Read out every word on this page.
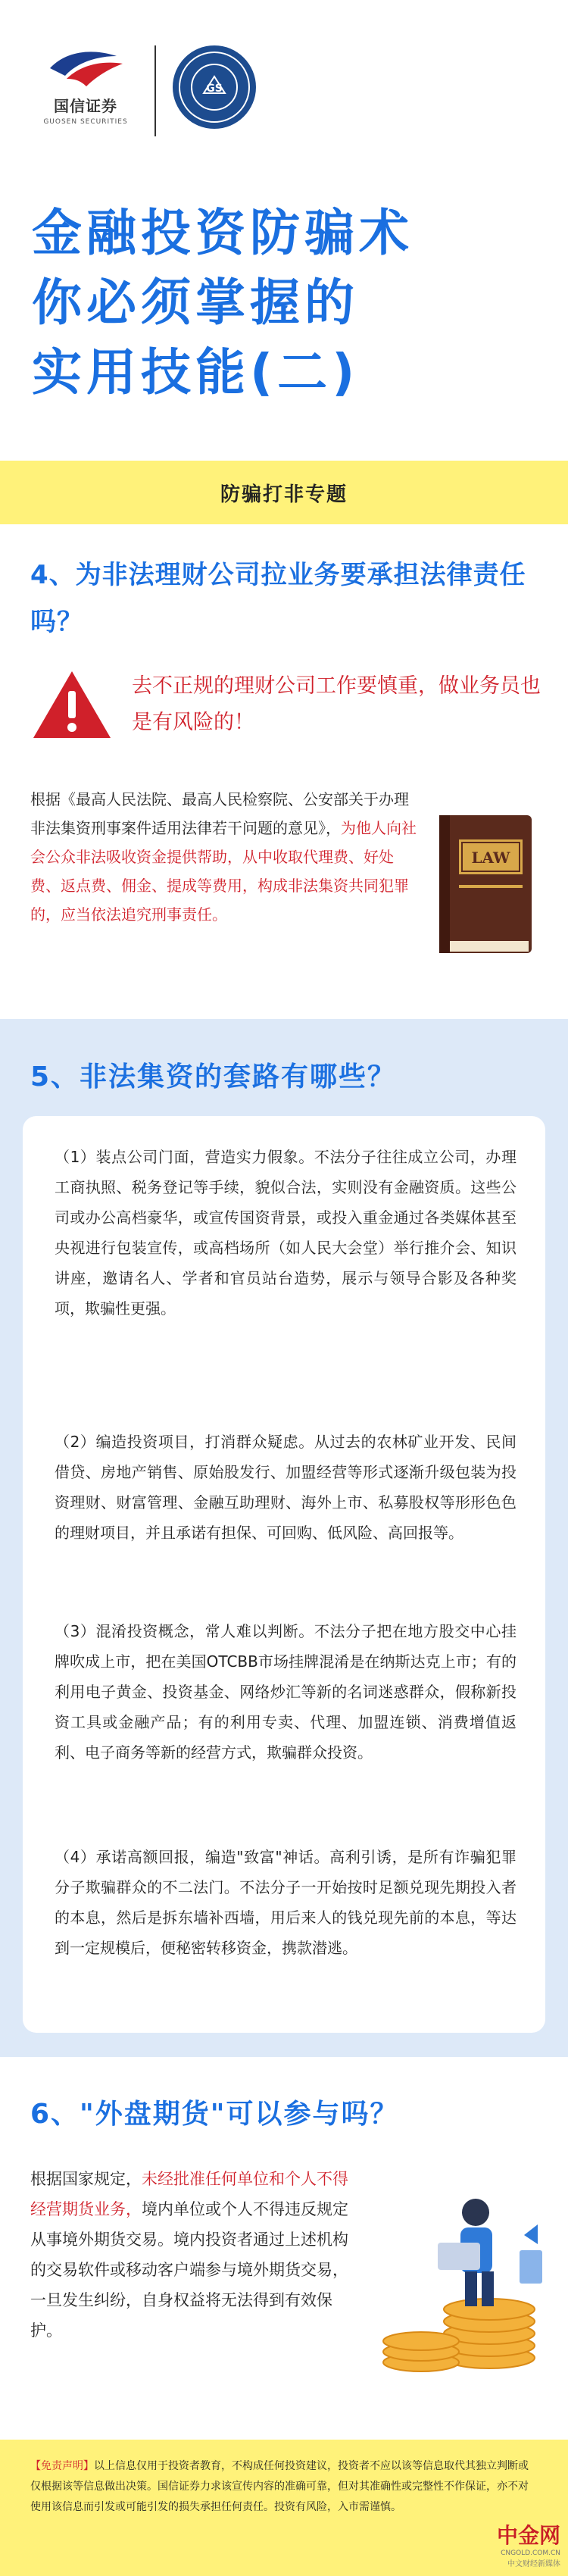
国信证券
GUOSEN SECURITIES
GS
金融投资防骗术
你必须掌握的
实用技能(二)
防骗打非专题
4、为非法理财公司拉业务要承担法律责任吗？
去不正规的理财公司工作要慎重，做业务员也是有风险的！
根据《最高人民法院、最高人民检察院、公安部关于办理非法集资刑事案件适用法律若干问题的意见》，为他人向社会公众非法吸收资金提供帮助，从中收取代理费、好处费、返点费、佣金、提成等费用，构成非法集资共同犯罪的，应当依法追究刑事责任。
LAW
5、非法集资的套路有哪些？
（1）装点公司门面，营造实力假象。不法分子往往成立公司，办理工商执照、税务登记等手续，貌似合法，实则没有金融资质。这些公司或办公高档豪华，或宣传国资背景，或投入重金通过各类媒体甚至央视进行包装宣传，或高档场所（如人民大会堂）举行推介会、知识讲座，邀请名人、学者和官员站台造势，展示与领导合影及各种奖项，欺骗性更强。
（2）编造投资项目，打消群众疑虑。从过去的农林矿业开发、民间借贷、房地产销售、原始股发行、加盟经营等形式逐渐升级包装为投资理财、财富管理、金融互助理财、海外上市、私募股权等形形色色的理财项目，并且承诺有担保、可回购、低风险、高回报等。
（3）混淆投资概念，常人难以判断。不法分子把在地方股交中心挂牌吹成上市，把在美国OTCBB市场挂牌混淆是在纳斯达克上市；有的利用电子黄金、投资基金、网络炒汇等新的名词迷惑群众，假称新投资工具或金融产品；有的利用专卖、代理、加盟连锁、消费增值返利、电子商务等新的经营方式，欺骗群众投资。
（4）承诺高额回报，编造"致富"神话。高利引诱，是所有诈骗犯罪分子欺骗群众的不二法门。不法分子一开始按时足额兑现先期投入者的本息，然后是拆东墙补西墙，用后来人的钱兑现先前的本息，等达到一定规模后，便秘密转移资金，携款潜逃。
6、"外盘期货"可以参与吗？
根据国家规定，未经批准任何单位和个人不得经营期货业务，境内单位或个人不得违反规定从事境外期货交易。境内投资者通过上述机构的交易软件或移动客户端参与境外期货交易，一旦发生纠纷，自身权益将无法得到有效保护。
【免责声明】以上信息仅用于投资者教育，不构成任何投资建议，投资者不应以该等信息取代其独立判断或仅根据该等信息做出决策。国信证券力求该宣传内容的准确可靠，但对其准确性或完整性不作保证，亦不对使用该信息而引发或可能引发的损失承担任何责任。投资有风险，入市需谨慎。
中金网
CNGOLD.COM.CN
中文财经新媒体
